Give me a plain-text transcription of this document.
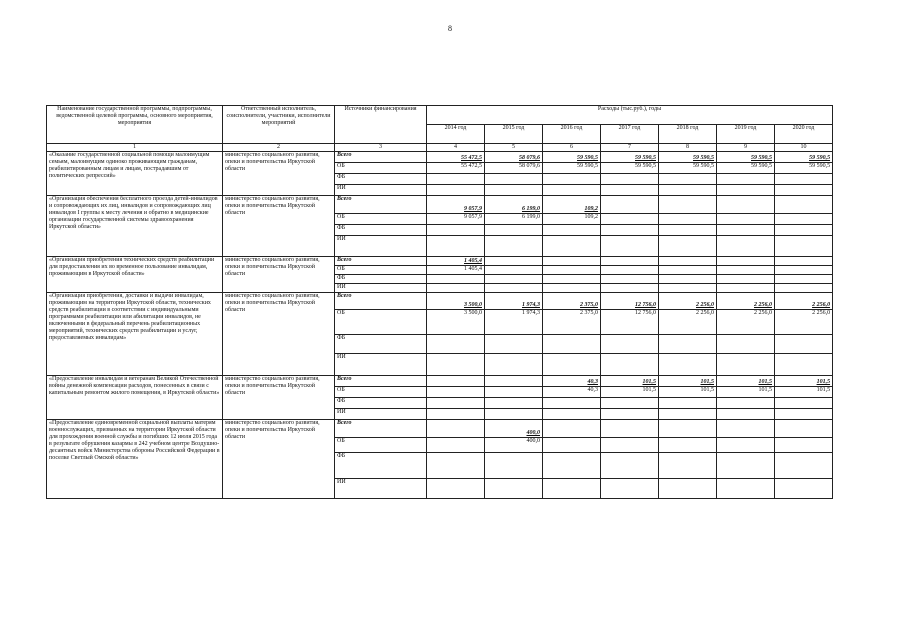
8
Наименование государственной программы, подпрограммы, ведомственной целевой программы, основного мероприятия, мероприятия	Ответственный исполнитель, соисполнители, участники, исполнители мероприятий	Источники финансирования	Расходы (тыс.руб.), годы						
			2014 год	2015 год	2016 год	2017 год	2018 год	2019 год	2020 год
1	2	3	4	5	6	7	8	9	10
«Оказание государственной социальной помощи малоимущим семьям, малоимущим одиноко проживающим гражданам, реабилитированным лицам и лицам, пострадавшим от политических репрессий»	министерство социального развития, опеки и попечительства Иркутской области	Всего	55 472,5	58 079,6	59 590,5	59 590,5	59 590,5	59 590,5	59 590,5
		ОБ	55 472,5	58 079,6	59 590,5	59 590,5	59 590,5	59 590,5	59 590,5
		ФБ							
		ИИ							
«Организация обеспечения бесплатного проезда детей-инвалидов и сопровождающих их лиц, инвалидов и сопровождающих лиц инвалидов I группы к месту лечения и обратно в медицинские организации государственной системы здравоохранения Иркутской области»	министерство социального развития, опеки и попечительства Иркутской области	Всего	9 057,9	6 199,0	109,2				
		ОБ	9 057,9	6 199,0	109,2				
		ФБ							
		ИИ							
«Организация приобретения технических средств реабилитации для предоставления их во временное пользование инвалидам, проживающим в Иркутской области»	министерство социального развития, опеки и попечительства Иркутской области	Всего	1 405,4						
		ОБ	1 405,4						
		ФБ							
		ИИ							
«Организация приобретения, доставки и выдачи инвалидам, проживающим на территории Иркутской области, технических средств реабилитации в соответствии с индивидуальными программами реабилитации или абилитации инвалидов, не включенными в федеральный перечень реабилитационных мероприятий, технических средств реабилитации и услуг, предоставляемых инвалидам»	министерство социального развития, опеки и попечительства Иркутской области	Всего	3 500,0	1 974,3	2 375,0	12 756,0	2 256,0	2 256,0	2 256,0
		ОБ	3 500,0	1 974,3	2 375,0	12 756,0	2 256,0	2 256,0	2 256,0
		ФБ							
		ИИ							
«Предоставление инвалидам и ветеранам Великой Отечественной войны денежной компенсации расходов, понесенных в связи с капитальным ремонтом жилого помещения, в Иркутской области»	министерство социального развития, опеки и попечительства Иркутской области	Всего			40,3	101,5	101,5	101,5	101,5
		ОБ			40,3	101,5	101,5	101,5	101,5
		ФБ							
		ИИ							
«Предоставление единовременной социальной выплаты матерям военнослужащих, призванных на территории Иркутской области для прохождения военной службы и погибших 12 июля 2015 года в результате обрушения казармы в 242 учебном центре Воздушно-десантных войск Министерства обороны Российской Федерации в поселке Светлый Омской области»	министерство социального развития, опеки и попечительства Иркутской области	Всего		400,0					
		ОБ		400,0					
		ФБ							
		ИИ							
